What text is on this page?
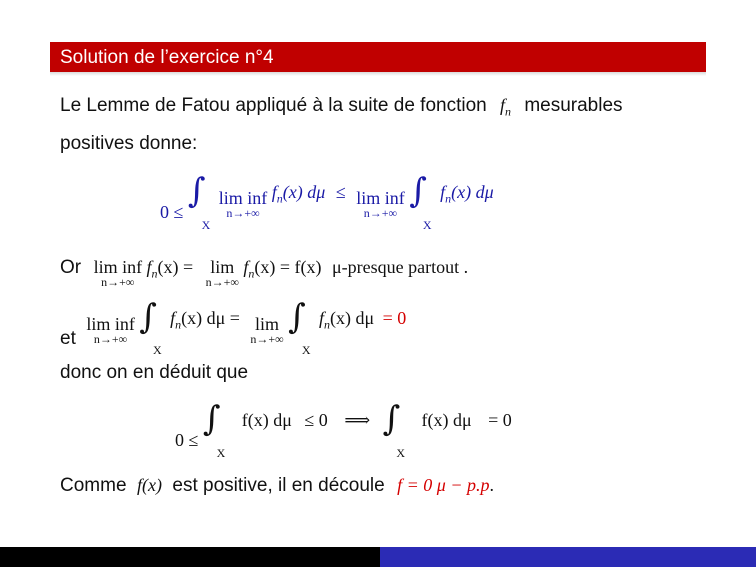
Solution de l’exercice n°4
Le Lemme de Fatou appliqué à la suite de fonction $f_n$ mesurables
positives donne:
$0 \le \int_X$ lim inf
n→+∞
$f_n(x) d\mu \le \lim$ inf
n→+∞
$\int_X$ $f_n(x)$ dμ
Or lim inf
n→+∞
$f_n(x) = \lim$
n→+∞
$f_n(x) = f(x)$ μ-presque partout .
et lim inf
n→+∞
$\int_X$ $f_n(x) d\mu = \lim$
n→+∞
$\int_X$ $f_n(x) d\mu = 0$
donc on en déduit que
$0 \le \int_X$ f(x) dμ ≤ 0 ⟹ $\int_X$ f(x) dμ = 0
Comme f(x) est positive, il en découle f = 0 μ − p.p.
